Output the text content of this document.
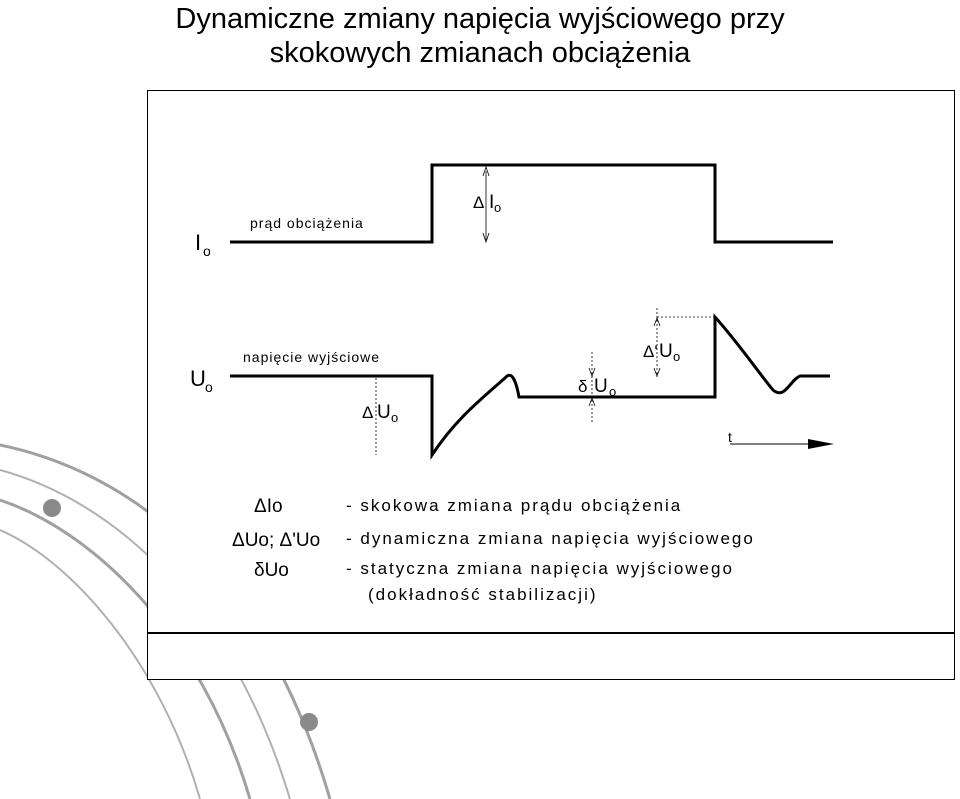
Dynamiczne zmiany napięcia wyjściowego przy
skokowych zmianach obciążenia
I o
prąd obciążenia
Δ I o
U o
napięcie wyjściowe
Δ U o
δ U o
Δ' U o
t
ΔIo	- skokowa zmiana prądu obciążenia
ΔUo; Δ'Uo - dynamiczna zmiana napięcia wyjściowego
δUo	- statyczna zmiana napięcia wyjściowego
(dokładność stabilizacji)
